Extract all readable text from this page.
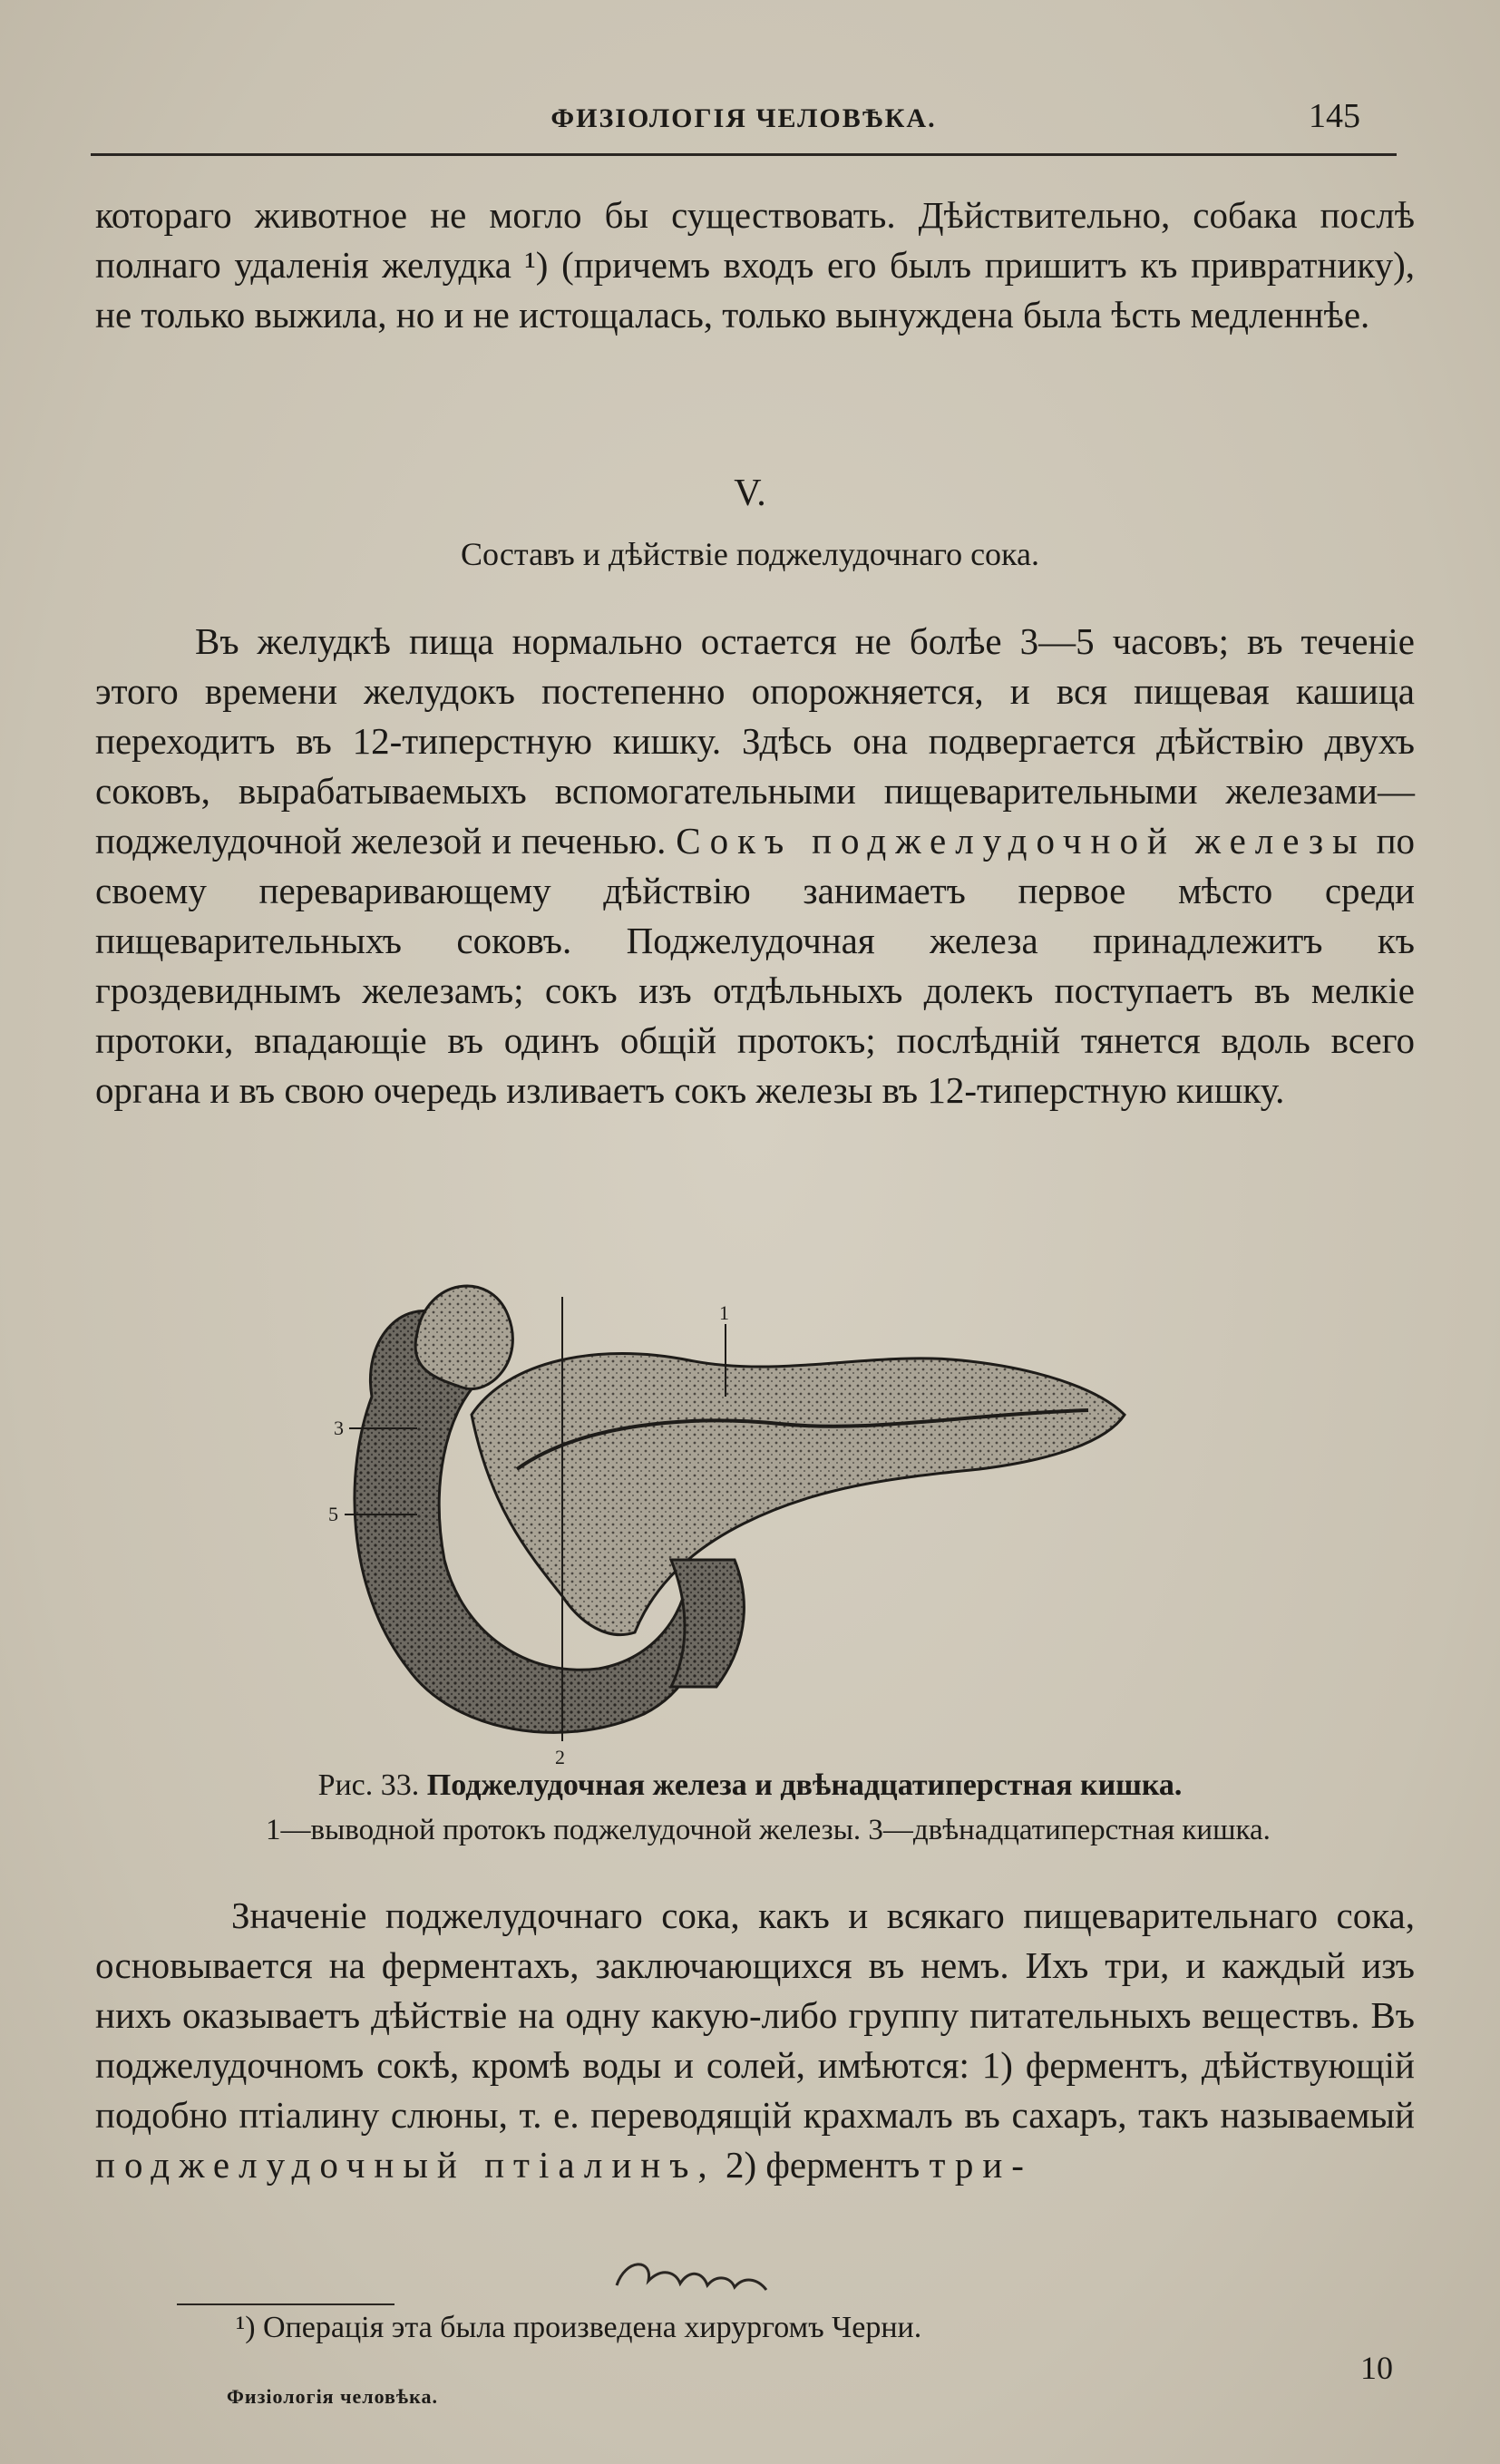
ФИЗІОЛОГІЯ ЧЕЛОВѢКА.	145
котораго животное не могло бы существовать. Дѣйствительно, собака послѣ полнаго удаленія желудка ¹) (причемъ входъ его былъ пришитъ къ привратнику), не только выжила, но и не истощалась, только вынуждена была ѣсть медленнѣе.
V.
Составъ и дѣйствіе поджелудочнаго сока.
Въ желудкѣ пища нормально остается не болѣе 3—5 часовъ; въ теченіе этого времени желудокъ постепенно опорожняется, и вся пищевая кашица переходитъ въ 12-типерстную кишку. Здѣсь она подвергается дѣйствію двухъ соковъ, вырабатываемыхъ вспомогательными пищеварительными железами—поджелудочной железой и печенью. Сокъ поджелудочной железы по своему переваривающему дѣйствію занимаетъ первое мѣсто среди пищеварительныхъ соковъ. Поджелудочная железа принадлежитъ къ гроздевиднымъ железамъ; сокъ изъ отдѣльныхъ долекъ поступаетъ въ мелкіе протоки, впадающіе въ одинъ общій протокъ; послѣдній тянется вдоль всего органа и въ свою очередь изливаетъ сокъ железы въ 12-типерстную кишку.
1
2
3
5
Рис. 33. Поджелудочная железа и двѣнадцатиперстная кишка.
1—выводной протокъ поджелудочной железы. 3—двѣнадцатиперстная кишка.
Значеніе поджелудочнаго сока, какъ и всякаго пищеварительнаго сока, основывается на ферментахъ, заключающихся въ немъ. Ихъ три, и каждый изъ нихъ оказываетъ дѣйствіе на одну какую-либо группу питательныхъ веществъ. Въ поджелудочномъ сокѣ, кромѣ воды и солей, имѣются: 1) ферментъ, дѣйствующій подобно птіалину слюны, т. е. переводящій крахмалъ въ сахаръ, такъ называемый поджелудочный птіалинъ, 2) ферментъ три-
¹) Операція эта была произведена хирургомъ Черни.
Физіологія человѣка.
10
